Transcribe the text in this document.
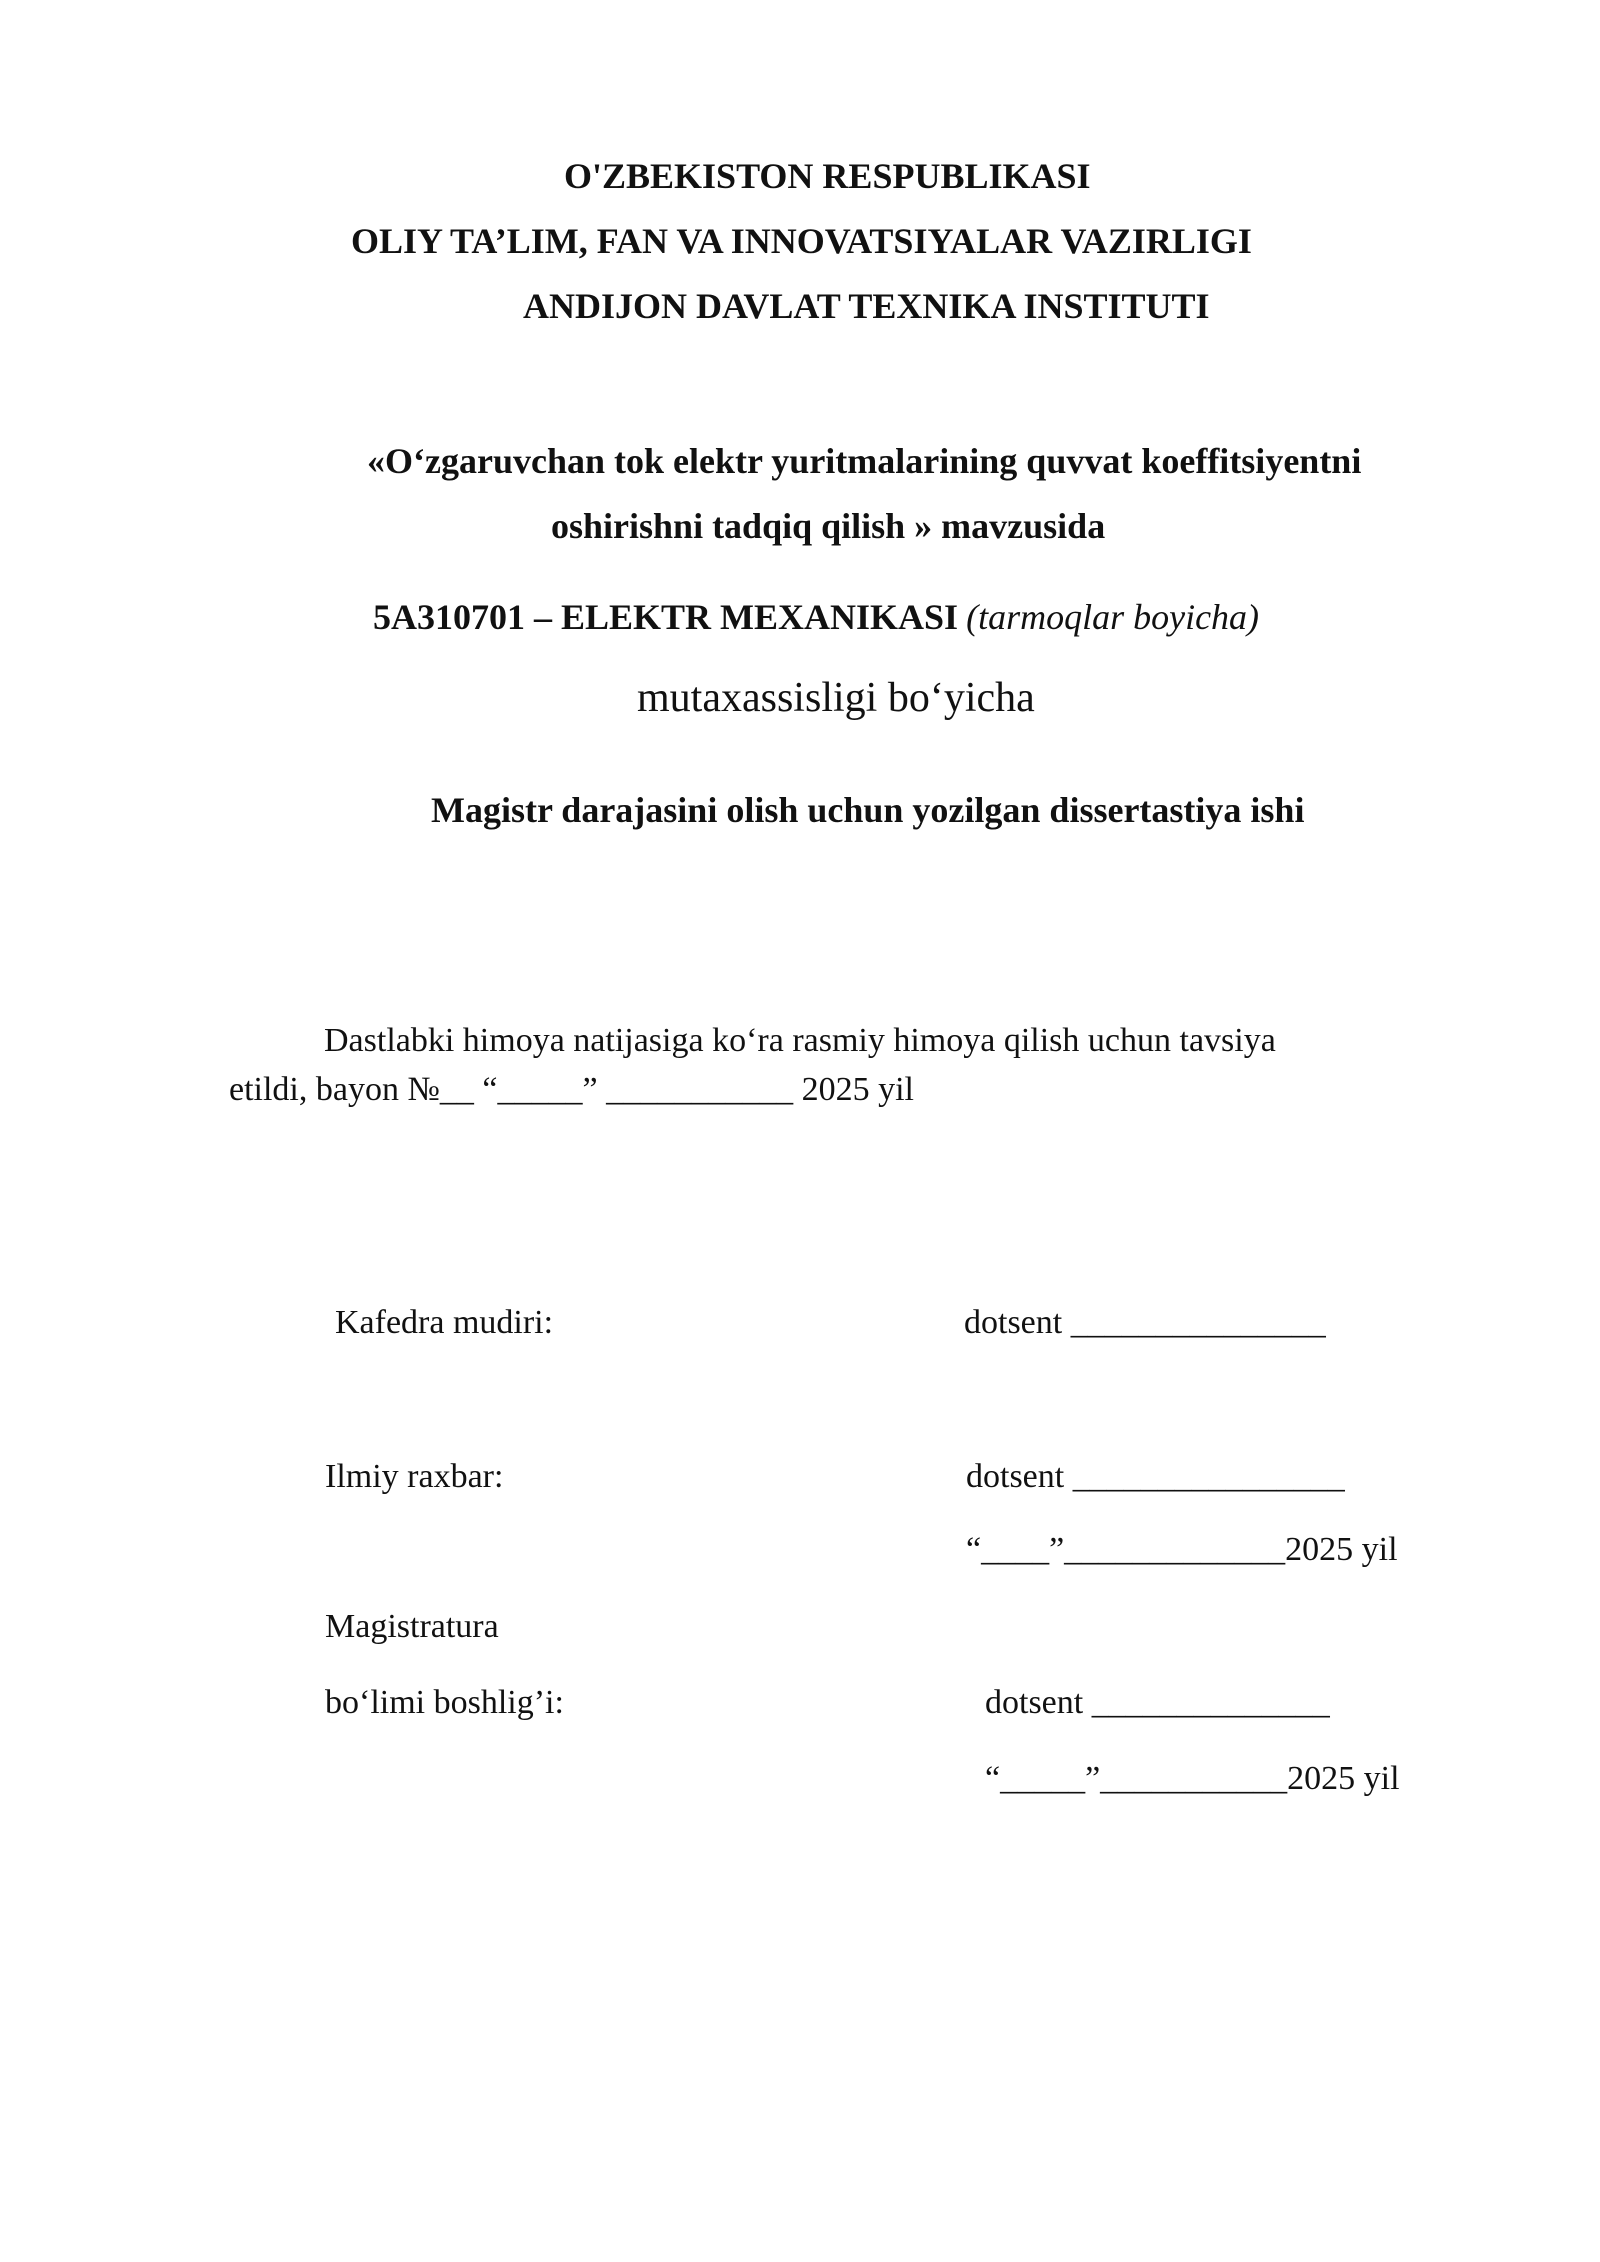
O'ZBEKISTON RESPUBLIKASI
OLIY TA’LIM, FAN VA INNOVATSIYALAR VAZIRLIGI
ANDIJON DAVLAT TEXNIKA INSTITUTI
«O‘zgaruvchan tok elektr yuritmalarining quvvat koeffitsiyentni
oshirishni tadqiq qilish » mavzusida
5A310701 – ELEKTR MEXANIKASI (tarmoqlar boyicha)
mutaxassisligi bo‘yicha
Magistr darajasini olish uchun yozilgan dissertastiya ishi
Dastlabki himoya natijasiga ko‘ra rasmiy himoya qilish uchun tavsiya
etildi, bayon №__ “_____” ___________ 2025 yil
Kafedra mudiri:	dotsent _______________
Ilmiy raxbar:	dotsent ________________
“____”_____________2025 yil
Magistratura
bo‘limi boshlig’i:	dotsent ______________
“_____”___________2025 yil
